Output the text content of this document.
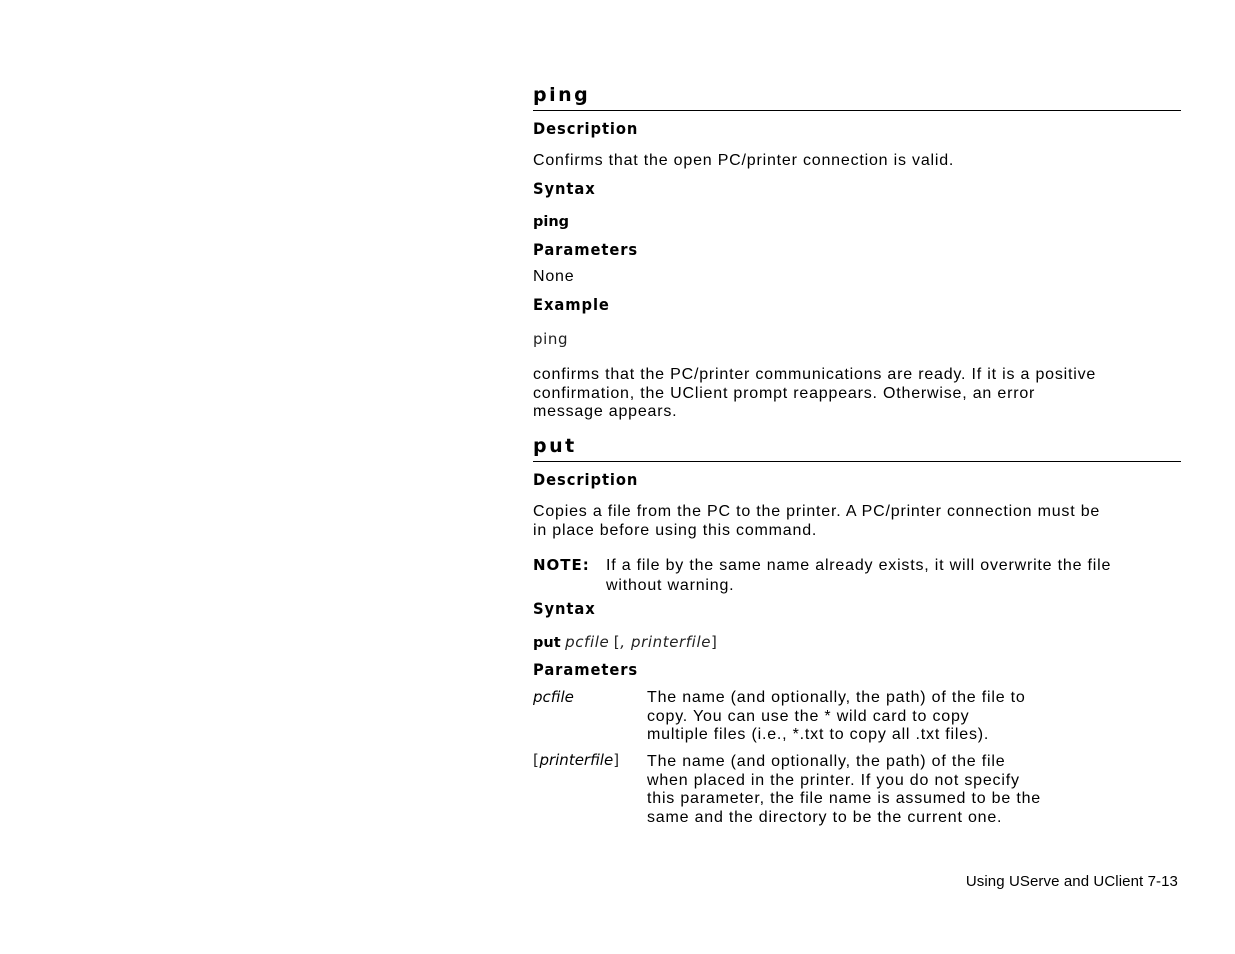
ping
Description
Confirms that the open PC/printer connection is valid.
Syntax
ping
Parameters
None
Example
ping
confirms that the PC/printer communications are ready. If it is a positive
confirmation, the UClient prompt reappears. Otherwise, an error
message appears.
put
Description
Copies a file from the PC to the printer. A PC/printer connection must be
in place before using this command.
NOTE: If a file by the same name already exists, it will overwrite the file
without warning.
Syntax
put pcfile [, printerfile]
Parameters
pcfile	The name (and optionally, the path) of the file to
copy. You can use the * wild card to copy
multiple files (i.e., *.txt to copy all .txt files).
[printerfile] The name (and optionally, the path) of the file
when placed in the printer. If you do not specify
this parameter, the file name is assumed to be the
same and the directory to be the current one.
Using UServe and UClient 7-13
